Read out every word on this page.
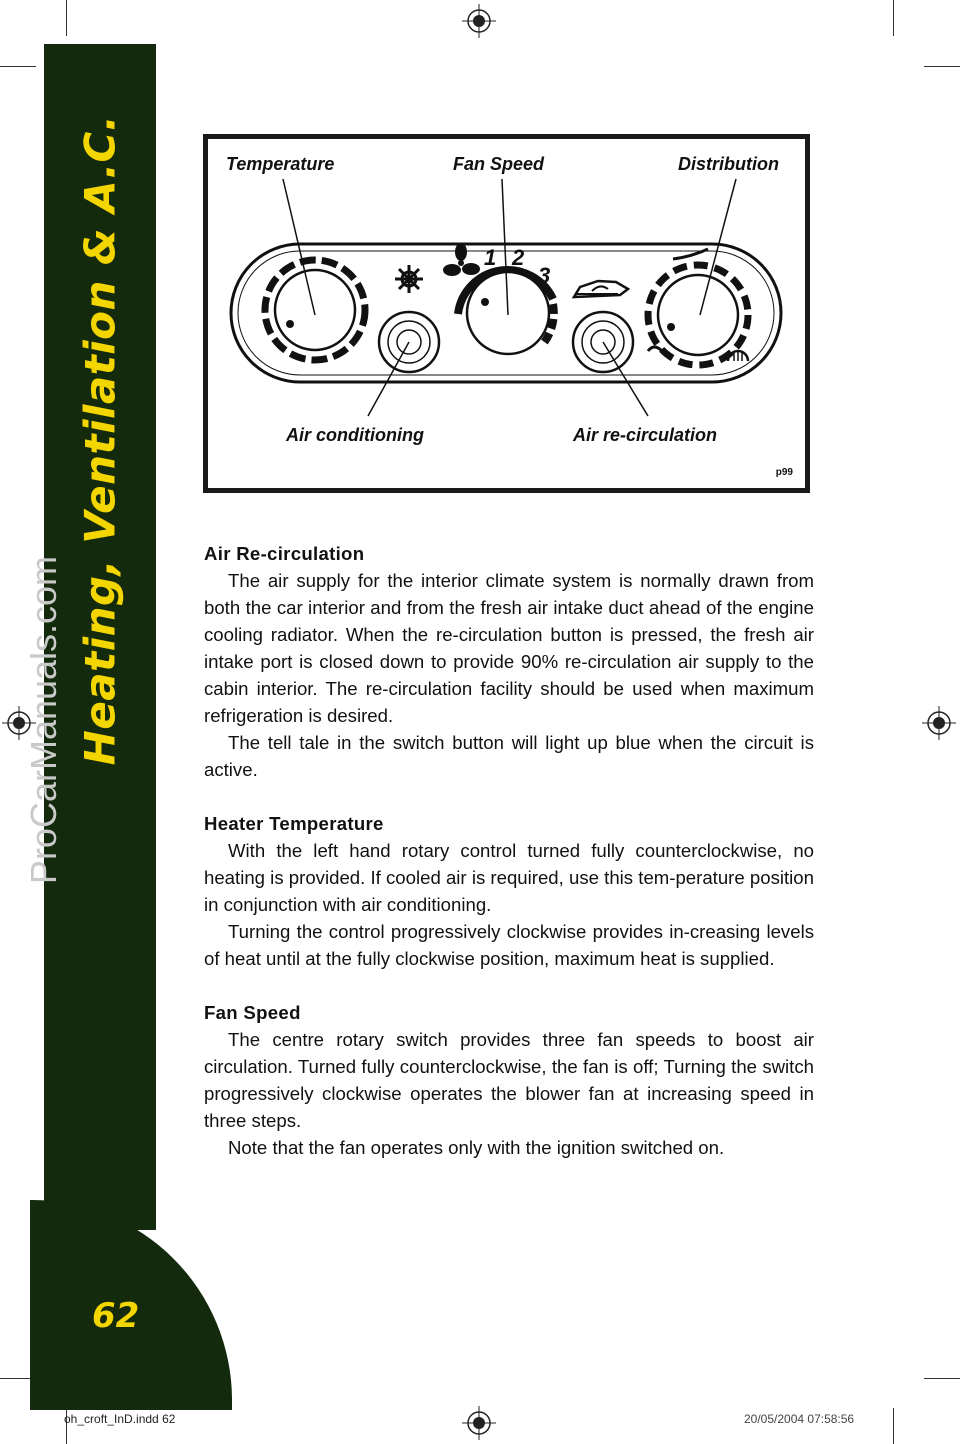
Heating, Ventilation & A.C.
62
ProCarManuals.com
1 2
3
Temperature	Fan Speed	Distribution
Air conditioning	Air re-circulation
p99
Air Re-circulation

The air supply for the interior climate system is normally drawn from both the car interior and from the fresh air intake duct ahead of the engine cooling radiator. When the re-circulation button is pressed, the fresh air intake port is closed down to provide 90% re-circulation air supply to the cabin interior. The re-circulation facility should be used when maximum refrigeration is desired.

The tell tale in the switch button will light up blue when the circuit is active.

Heater Temperature

With the left hand rotary control turned fully counterclockwise, no heating is provided. If cooled air is required, use this tem-perature position in conjunction with air conditioning.

Turning the control progressively clockwise provides in-creasing levels of heat until at the fully clockwise position, maximum heat is supplied.

Fan Speed

The centre rotary switch provides three fan speeds to boost air circulation. Turned fully counterclockwise, the fan is off; Turning the switch progressively clockwise operates the blower fan at increasing speed in three steps.

Note that the fan operates only with the ignition switched on.

oh_croft_InD.indd 62	20/05/2004 07:58:56
